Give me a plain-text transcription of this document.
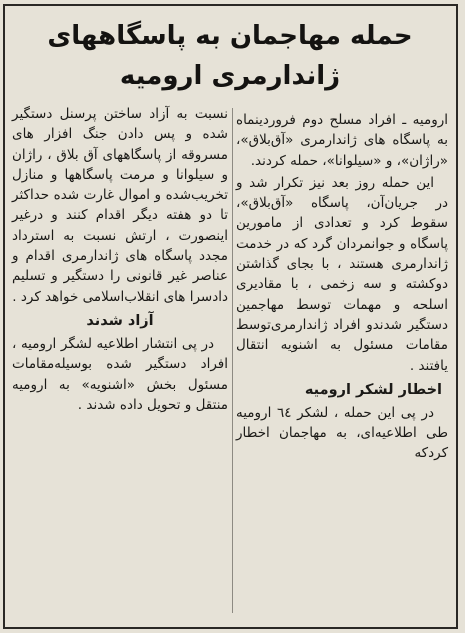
حمله مهاجمان به پاسگاههای
ژاندارمری ارومیه

ارومیه ـ افراد مسلح دوم فروردینماه به پاسگاه های ژاندارمری «آق‌بلاق»، «راژان»، و «سیلوانا»، حمله کردند.

این حمله روز بعد نیز تکرار شد و در جریان‌آن، پاسگاه «آق‌بلاق»، سقوط کرد و تعدادی از مامورین پاسگاه و جوانمردان گرد که در خدمت ژاندارمری هستند ، با بجای گذاشتن دوکشته و سه زخمی ، با مقادیری اسلحه و مهمات توسط مهاجمین دستگیر شدندو افراد ژاندارمری‌توسط مقامات مسئول به اشنویه انتقال یافتند .

اخطار لشکر ارومیه

در پی این حمله ، لشکر ٦٤ ارومیه طی اطلاعیه‌ای، به مهاجمان اخطار کردکه

نسبت به آزاد ساختن پرسنل دستگیر شده و پس دادن جنگ افزار های مسروقه از پاسگاههای آق بلاق ، راژان و سیلوانا و مرمت پاسگاهها و منازل تخریب‌شده و اموال غارت شده حداکثر تا دو هفته دیگر اقدام کنند و درغیر اینصورت ، ارتش نسبت به استرداد مجدد پاسگاه های ژاندارمری اقدام و عناصر غیر قانونی را دستگیر و تسلیم دادسرا های انقلاب‌اسلامی خواهد کرد .

آزاد شدند

در پی انتشار اطلاعیه لشگر ارومیه ، افراد دستگیر شده بوسیله‌مقامات مسئول بخش «اشنویه» به ارومیه منتقل و تحویل داده شدند .
